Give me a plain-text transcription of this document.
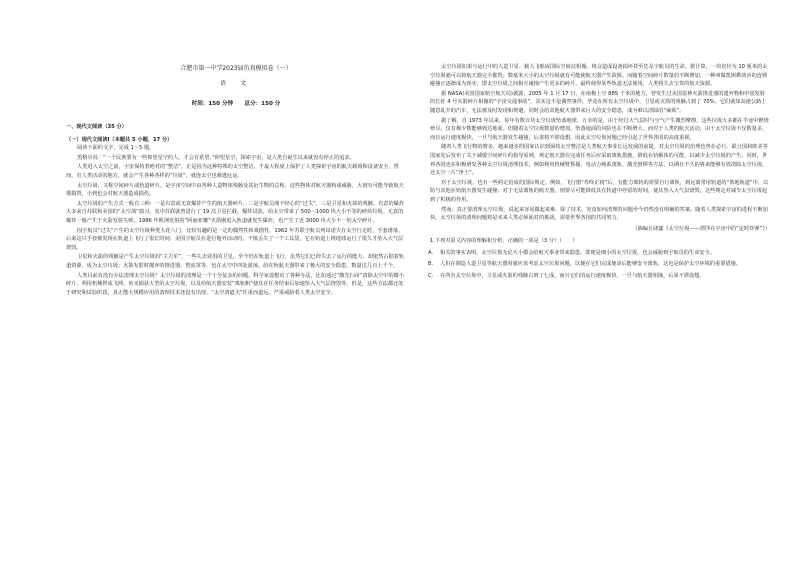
合肥市第一中学2023届仿真模拟卷（一）
语 文
时间：150 分钟　　总分：150 分
一、现代文阅读（35 分）
（一）现代文阅读Ⅰ（本题共 5 小题，17 分）

阅读下面的文字，完成 1～5 题。

黑格尔说：“一个民族要有一些仰望星空的人，才会有希望。”仰望星空，探索宇宙，是人类自诞生以来就没有停止的追求。

人类进入太空之前，宇宙保持着绝对的“整洁”，正是因为这种特殊的太空整洁，才最大程度上保护了人类探索宇宙的航天载荷和设备安全。然而，有人类活动的地方，就会产生各种各样的“垃圾”，就连太空也难逃厄运。

太空垃圾，又称空间碎片或轨道碎片，是宇宙空间中由各种人造物体残骸及其衍生物的总称。这些物体对航天器构成威胁，大到有可能导致航天器损毁，小到也会对航天器造成损伤。

太空垃圾的产生方式一般有三种：一是有意或无意爆炸产生的航天器碎片，二是宇航员漫不经心的“过失”，三是卫星和火箭的残骸。有意的爆炸大多来自苏联和美国的“太空战”演习，其中苏联就曾进行了 19 次卫星拦截、爆炸试验，给太空带来了 500～1000 块大小不等的碎块垃圾。无意的爆炸一般产生于火箭发射失败，1986 年欧洲发射的“阿丽亚娜”火箭刚进入轨道就发生爆炸，也产生了近 3000 块大小不一的太空碎片。

因宇航员“过失”产生的太空垃圾种类五花八门，比较有趣的是一定的偶然性和戏剧性。1962 年苏联宇航员列昂诺夫在太空行走时，手套滑落，后来这只手套被发现在轨道上飞行了很长时间；美国宇航员在进行舱外活动时，不慎丢失了一个工具袋，它在轨道上绕地球运行了很久才坠入大气层烧毁。

卫星和火箭的残骸是产生太空垃圾的“主力军”。一些失去效用的卫星，至今仍在轨道上飞行，虽然它们已经失去了运行的能力，却依然占据着轨道资源，成为太空垃圾；火箭发射时抛弃的推进器、整流罩等，也在太空中四处游荡，给在轨航天器带来了极大的安全隐患，数量达几百上千个。

人类目前有没有办法清理太空垃圾？太空垃圾的清理是一个十分复杂的问题。科学家设想出了各种办法，比如通过“激光扫帚”清除太空中的微小碎片，利用机械臂或飞网、鱼叉捕获大型的太空垃圾，以及给航天器安装“离轨帆”使其在任务结束后加速坠入大气层烧毁等。但是，这些方法都还处于研究和试验阶段，真正能大规模应用的清理技术还没有出现。“太空清道夫”任重而道远，严重威胁着人类太空安全。

太空垃圾如果与运行中的人造卫星、载人飞船或国际空间站相撞，将会造成设备损坏甚至危及宇航员的生命。据计算，一块直径为 10 厘米的太空垃圾就可以将航天器完全摧毁；数毫米大小的太空垃圾就有可能使航天器产生故障。而随着空间碎片数量的不断增加，一种叫做凯斯勒效应的连锁碰撞正逐渐成为现实，即太空垃圾之间相互碰撞产生更多的碎片，最终使得某些轨道无法使用，人类将失去宝贵的航天资源。

据 NASA(美国国家航空航天局)披露，2005 年 1 月 17 日，在南极上空 885 千米的地方，曾发生过美国雷神火箭推进器的遗弃物和中国发射的长征 4 号火箭碎片相撞的“宇宙交通事故”，其实这不是偶然事件，毕竟在所有太空垃圾中，卫星或火箭的残骸占到了 70%，它们就如高速公路上随意乱开的汽车，无法被及时发现和规避，同时会给其他航天器带来巨大的安全隐患，成为难以清除的“麻烦”。

据了解，自 1973 年以来，每年有数百块太空垃圾坠落地球，万幸的是，由于经过大气层时与空气产生激烈摩擦，这些垃圾大多都在半途中燃烧殆尽，仅有极少数能够到达地面。但随着太空垃圾数量的增加，坠落地面的风险也在不断增大。而对于人类的航天活动，由于太空垃圾不仅数量多，而且运行速度极快，一旦与航天器发生碰撞，后果将不堪设想，因此太空垃圾问题已经引起了世界各国的高度重视。

随着人类飞行物的增多，越来越多的国家认识到保持太空整洁是人类航天事业长远发展的前提，对太空垃圾的治理也势在必行。联合国和欧美等国家先后发布了关于减缓空间碎片的指导原则，规定航天器在完成任务后应采取离轨措施，降低在轨解体的可能，以减少太空垃圾的产生。同时，世界各国也在积极研发各种太空垃圾清理技术，例如利用机械臂抓捕、电动力绳系离轨、激光推移等方法，以期在不久的将来能够有效清除太空垃圾，还太空一片“净土”。

对于太空垃圾，也有一些约定俗成的国际规定。例如，飞行器“寿终正寝”后，有能力离轨的需要自行离轨，到远离常用轨道的“墓地轨道”中，以防与其他在轨航天器发生碰撞；对于无法离轨的航天器，则要尽可能降低其在轨道中停留的时间，使其坠入大气层烧毁。这些规定对减少太空垃圾起到了积极的作用。

然而，真正要清理太空垃圾，说起来容易做起来难。除了技术，究竟如何清理的问题至今仍然没有明确的答案。随着人类探索宇宙的进程不断加快，太空垃圾的清理问题将是未来人类必须面对的挑战，需要世界各国的共同努力。

（摘编自肆鑫《太空垃圾——漂浮在宇宙中的“定时炸弹”》）

1.下列对原文内容的理解和分析，正确的一项是（3 分）（　　）

A. 相关的事实表明，太空垃圾无论大小都会给航天事业带来隐患，即便是细小的太空垃圾，也会威胁到宇航员的生命安全。

B. 人们在制造人造卫星等航天器时就应该考虑太空垃圾问题，以便在它们完成使命后能够安全离轨，这也是保护太空环境的重要措施。

C. 在所有太空垃圾中，卫星或火箭的残骸占到了七成，而且它们的运行速度极快，一旦与航天器相撞，后果不堪设想。
